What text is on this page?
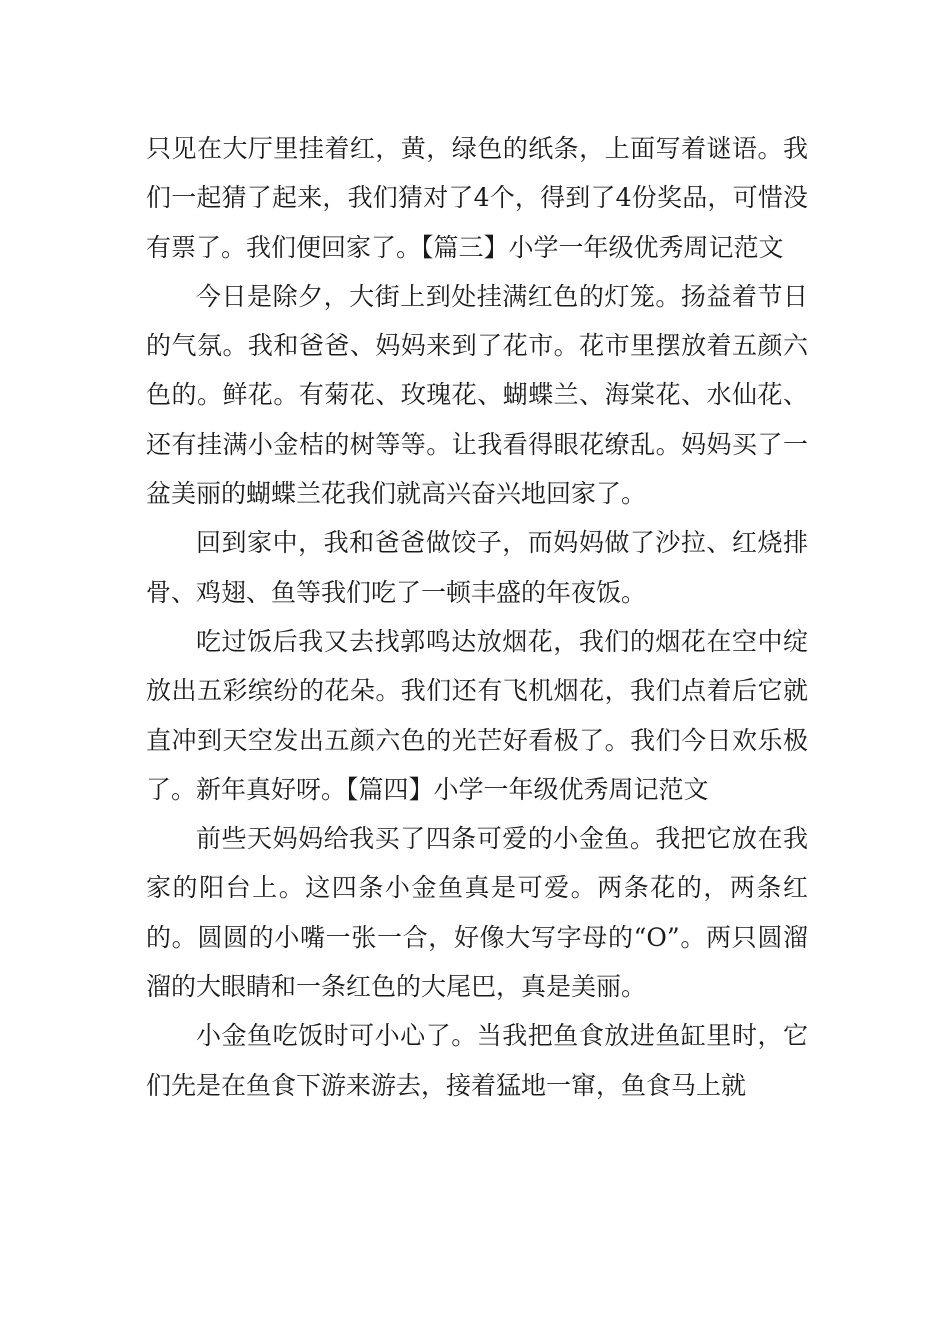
只见在大厅里挂着红，黄，绿色的纸条，上面写着谜语。我们一起猜了起来，我们猜对了4个，得到了4份奖品，可惜没有票了。我们便回家了。【篇三】小学一年级优秀周记范文

今日是除夕，大街上到处挂满红色的灯笼。扬益着节日的气氛。我和爸爸、妈妈来到了花市。花市里摆放着五颜六色的。鲜花。有菊花、玫瑰花、蝴蝶兰、海棠花、水仙花、还有挂满小金桔的树等等。让我看得眼花缭乱。妈妈买了一盆美丽的蝴蝶兰花我们就高兴奋兴地回家了。

回到家中，我和爸爸做饺子，而妈妈做了沙拉、红烧排骨、鸡翅、鱼等我们吃了一顿丰盛的年夜饭。

吃过饭后我又去找郭鸣达放烟花，我们的烟花在空中绽放出五彩缤纷的花朵。我们还有飞机烟花，我们点着后它就直冲到天空发出五颜六色的光芒好看极了。我们今日欢乐极了。新年真好呀。【篇四】小学一年级优秀周记范文

前些天妈妈给我买了四条可爱的小金鱼。我把它放在我家的阳台上。这四条小金鱼真是可爱。两条花的，两条红的。圆圆的小嘴一张一合，好像大写字母的“O”。两只圆溜溜的大眼睛和一条红色的大尾巴，真是美丽。

小金鱼吃饭时可小心了。当我把鱼食放进鱼缸里时，它们先是在鱼食下游来游去，接着猛地一窜，鱼食马上就
